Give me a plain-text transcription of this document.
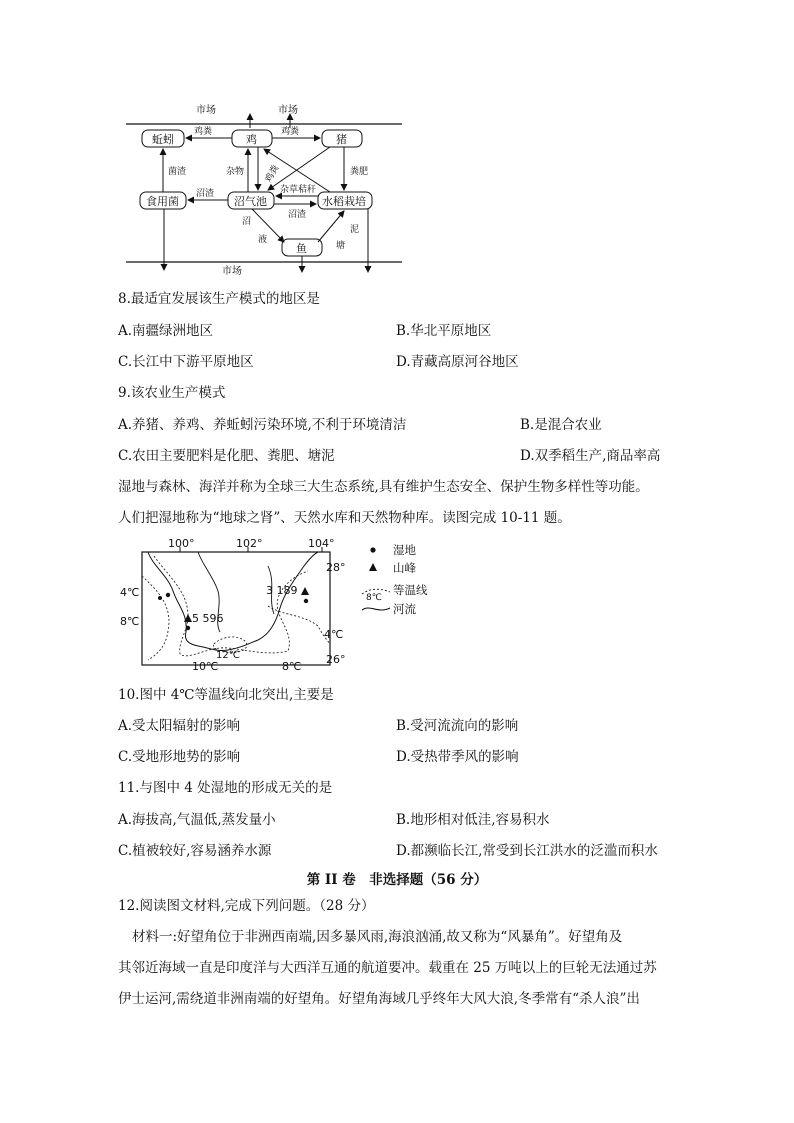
市场	市场
蚯蚓	鸡	猪
食用菌	沼气池	水稻栽培
鱼
鸡粪	鸡粪
菌渣	杂物 鸡粪	粪肥
沼渣	杂草秸秆
沼渣
沼
液
泥
塘
市场
8.最适宜发展该生产模式的地区是
A.南疆绿洲地区	B.华北平原地区
C.长江中下游平原地区	D.青藏高原河谷地区
9.该农业生产模式
A.养猪、养鸡、养蚯蚓污染环境,不利于环境清洁	B.是混合农业
C.农田主要肥料是化肥、粪肥、塘泥	D.双季稻生产,商品率高
湿地与森林、海洋并称为全球三大生态系统,具有维护生态安全、保护生物多样性等功能。
人们把湿地称为“地球之肾”、天然水库和天然物种库。读图完成 10-11 题。
100°	102°	104°
28°
26°
5 596
3 189
4℃
8℃
4℃
12℃
10℃	8℃
湿地
山峰
8℃
等温线
河流
10.图中 4℃等温线向北突出,主要是
A.受太阳辐射的影响	B.受河流流向的影响
C.受地形地势的影响	D.受热带季风的影响
11.与图中 4 处湿地的形成无关的是
A.海拔高,气温低,蒸发量小	B.地形相对低洼,容易积水
C.植被较好,容易涵养水源	D.都濒临长江,常受到长江洪水的泛滥而积水
第 II 卷　非选择题（56 分）
12.阅读图文材料,完成下列问题。（28 分）
材料一:好望角位于非洲西南端,因多暴风雨,海浪汹涌,故又称为“风暴角”。好望角及
其邻近海域一直是印度洋与大西洋互通的航道要冲。载重在 25 万吨以上的巨轮无法通过苏
伊士运河,需绕道非洲南端的好望角。好望角海域几乎终年大风大浪,冬季常有“杀人浪”出
